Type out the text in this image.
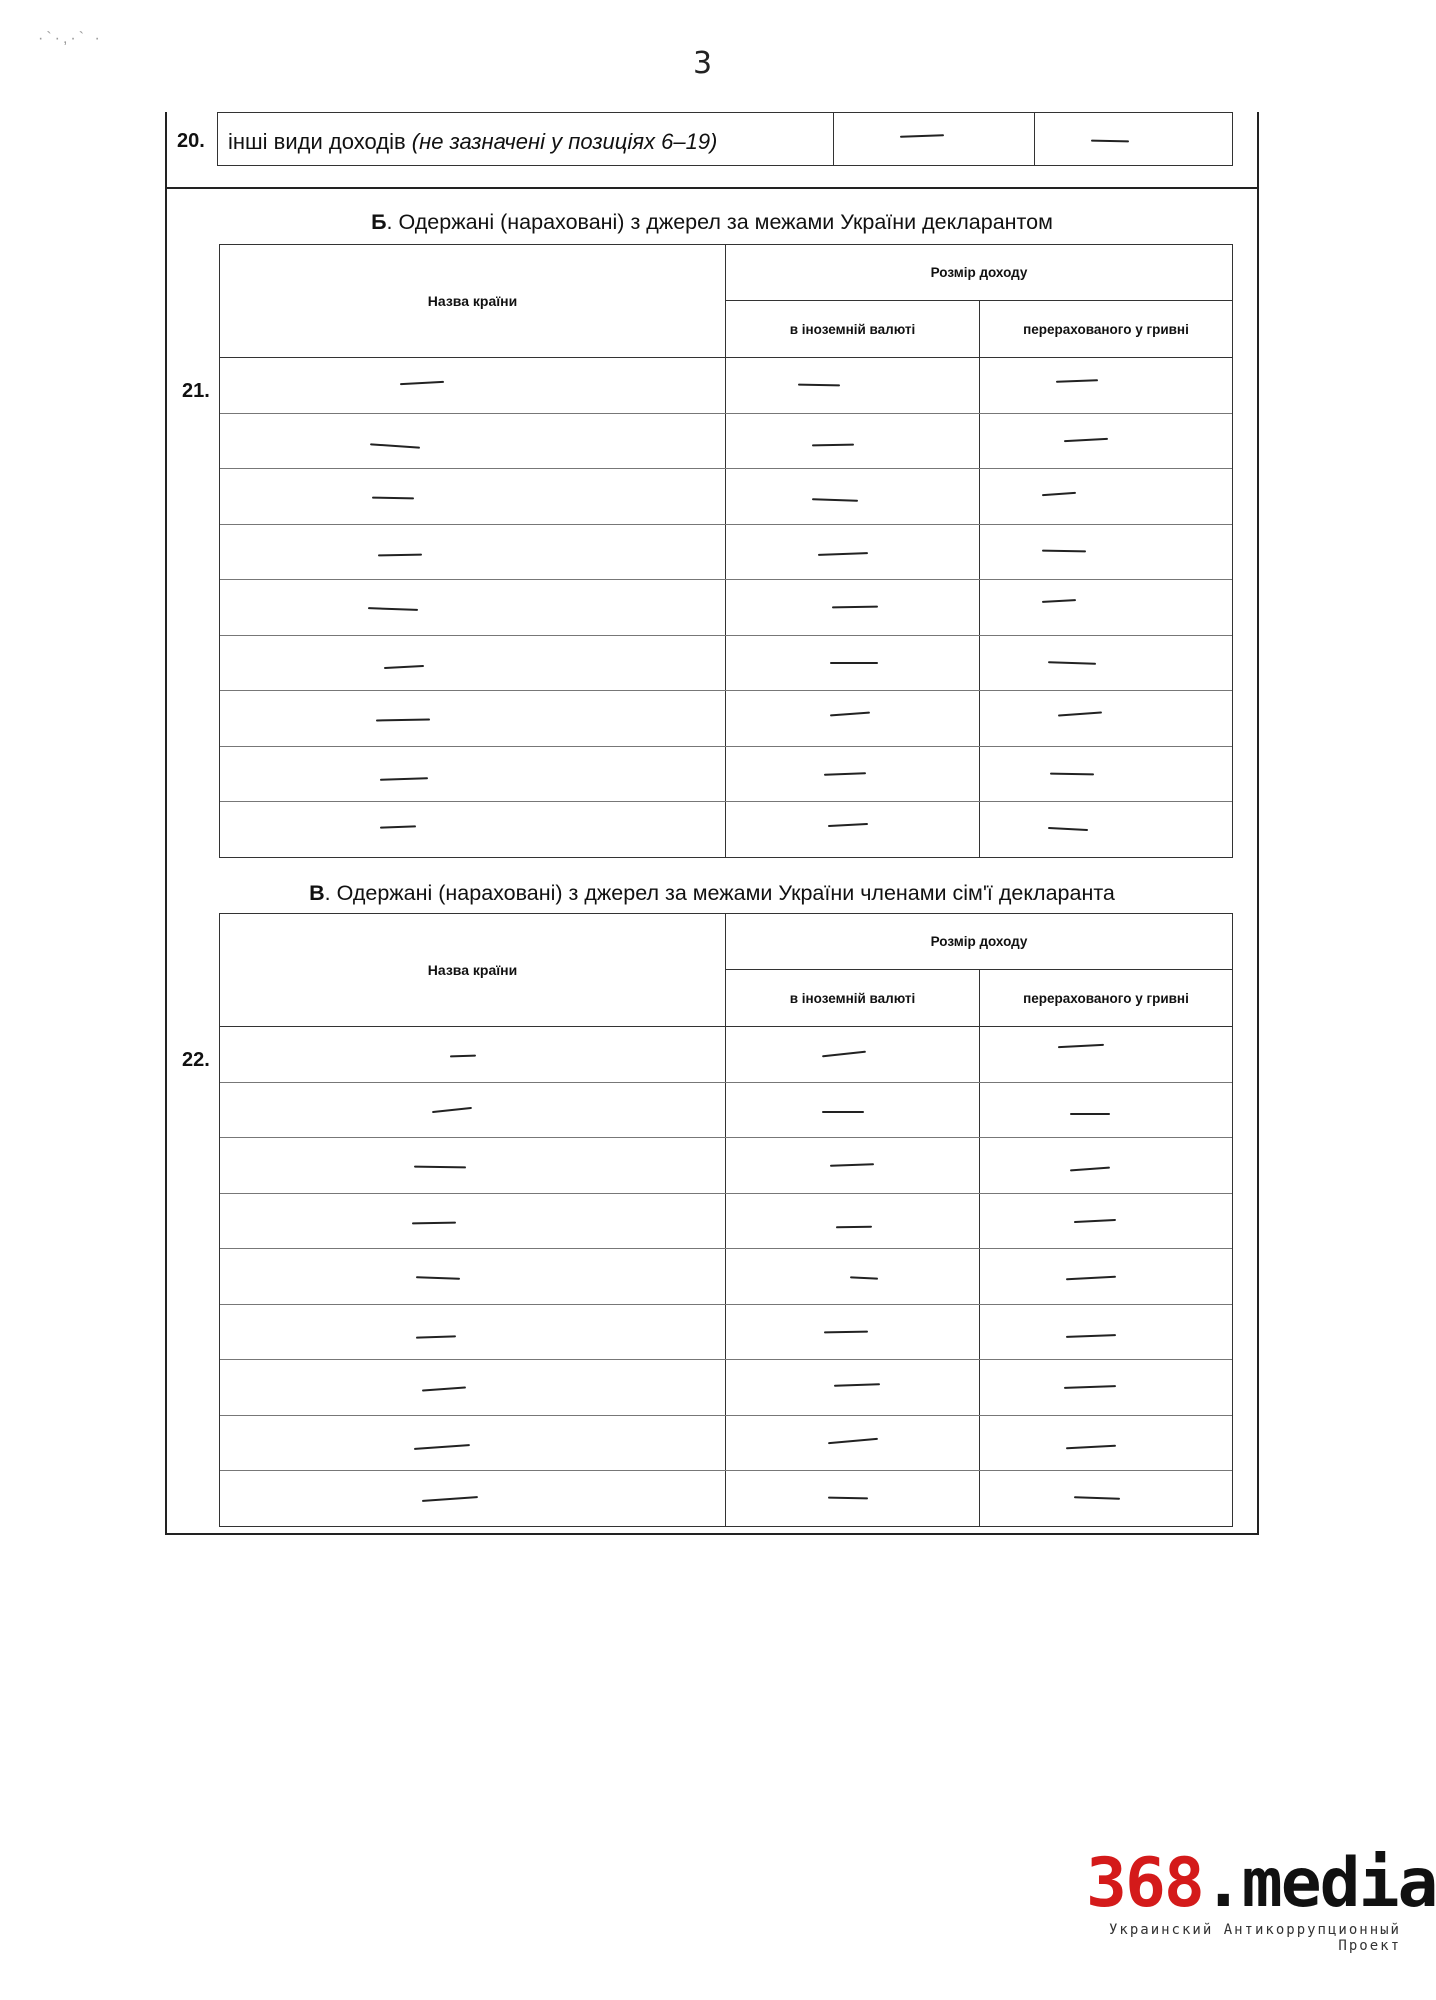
·`·,·` ·
3
20.	інші види доходів (не зазначені у позиціях 6–19)
Б. Одержані (нараховані) з джерел за межами України декларантом
21.
Назва країни
Розмір доходу
в іноземній валюті	перерахованого у гривні
В. Одержані (нараховані) з джерел за межами України членами сім'ї декларанта
22.
Назва країни
Розмір доходу
в іноземній валюті	перерахованого у гривні
368.media
Украинский Антикоррупционный Проект
